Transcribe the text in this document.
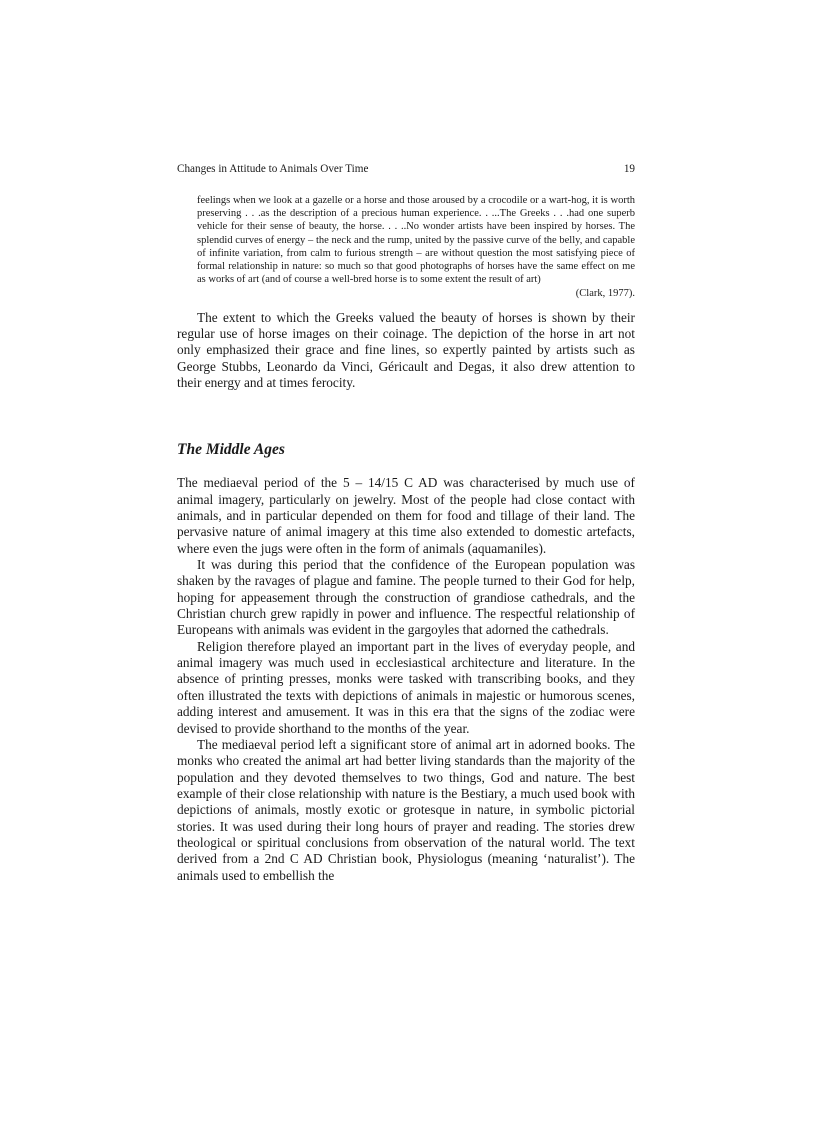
Changes in Attitude to Animals Over Time	19

feelings when we look at a gazelle or a horse and those aroused by a crocodile or a wart-hog, it is worth preserving . . .as the description of a precious human experience. . ...The Greeks . . .had one superb vehicle for their sense of beauty, the horse. . . ..No wonder artists have been inspired by horses. The splendid curves of energy – the neck and the rump, united by the passive curve of the belly, and capable of infinite variation, from calm to furious strength – are without question the most satisfying piece of formal relationship in nature: so much so that good photographs of horses have the same effect on me as works of art (and of course a well-bred horse is to some extent the result of art)

(Clark, 1977).

The extent to which the Greeks valued the beauty of horses is shown by their regular use of horse images on their coinage. The depiction of the horse in art not only emphasized their grace and fine lines, so expertly painted by artists such as George Stubbs, Leonardo da Vinci, Géricault and Degas, it also drew attention to their energy and at times ferocity.

The Middle Ages

The mediaeval period of the 5 – 14/15 C AD was characterised by much use of animal imagery, particularly on jewelry. Most of the people had close contact with animals, and in particular depended on them for food and tillage of their land. The pervasive nature of animal imagery at this time also extended to domestic artefacts, where even the jugs were often in the form of animals (aquamaniles).

It was during this period that the confidence of the European population was shaken by the ravages of plague and famine. The people turned to their God for help, hoping for appeasement through the construction of grandiose cathedrals, and the Christian church grew rapidly in power and influence. The respectful relationship of Europeans with animals was evident in the gargoyles that adorned the cathedrals.

Religion therefore played an important part in the lives of everyday people, and animal imagery was much used in ecclesiastical architecture and literature. In the absence of printing presses, monks were tasked with transcribing books, and they often illustrated the texts with depictions of animals in majestic or humorous scenes, adding interest and amusement. It was in this era that the signs of the zodiac were devised to provide shorthand to the months of the year.

The mediaeval period left a significant store of animal art in adorned books. The monks who created the animal art had better living standards than the majority of the population and they devoted themselves to two things, God and nature. The best example of their close relationship with nature is the Bestiary, a much used book with depictions of animals, mostly exotic or grotesque in nature, in symbolic pictorial stories. It was used during their long hours of prayer and reading. The stories drew theological or spiritual conclusions from observation of the natural world. The text derived from a 2nd C AD Christian book, Physiologus (meaning ‘naturalist’). The animals used to embellish the
